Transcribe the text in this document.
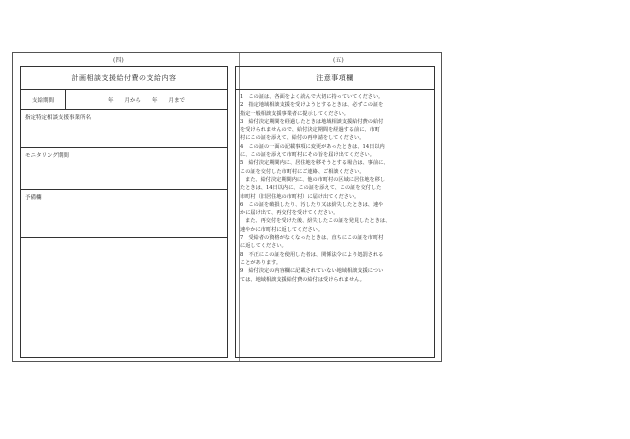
(四)	(五)
計画相談支援給付費の支給内容
支給期間	年　　月から　　年　　月まで
指定特定相談支援事業所名
モニタリング期間
予備欄
注意事項欄
1　この証は、各面をよく読んで大切に持っていてください。
2　指定地域相談支援を受けようとするときは、必ずこの証を
指定一般相談支援事業者に提示してください。
3　給付決定期間を経過したときは地域相談支援給付費の給付
を受けられませんので、給付決定期間を経過する前に、市町
村にこの証を添えて、給付の再申請をしてください。
4　この証の一面の記載事項に変更があったときは、14日以内
に、この証を添えて市町村にその旨を届け出てください。
5　給付決定期間内に、居住地を移そうとする場合は、事前に、
この証を交付した市町村にご連絡、ご相談ください。
また、給付決定期間内に、他の市町村の区域に居住地を移し
たときは、14日以内に、この証を添えて、この証を交付した
市町村（旧居住地の市町村）に届け出てください。
6　この証を破損したり、汚したり又は紛失したときは、速や
かに届け出て、再交付を受けてください。
また、再交付を受けた後、紛失したこの証を発見したときは、
速やかに市町村に返してください。
7　受給者の資格がなくなったときは、直ちにこの証を市町村
に返してください。
8　不正にこの証を使用した者は、関係法令により処罰される
ことがあります。
9　給付決定の内容欄に記載されていない地域相談支援につい
ては、地域相談支援給付費の給付は受けられません。
